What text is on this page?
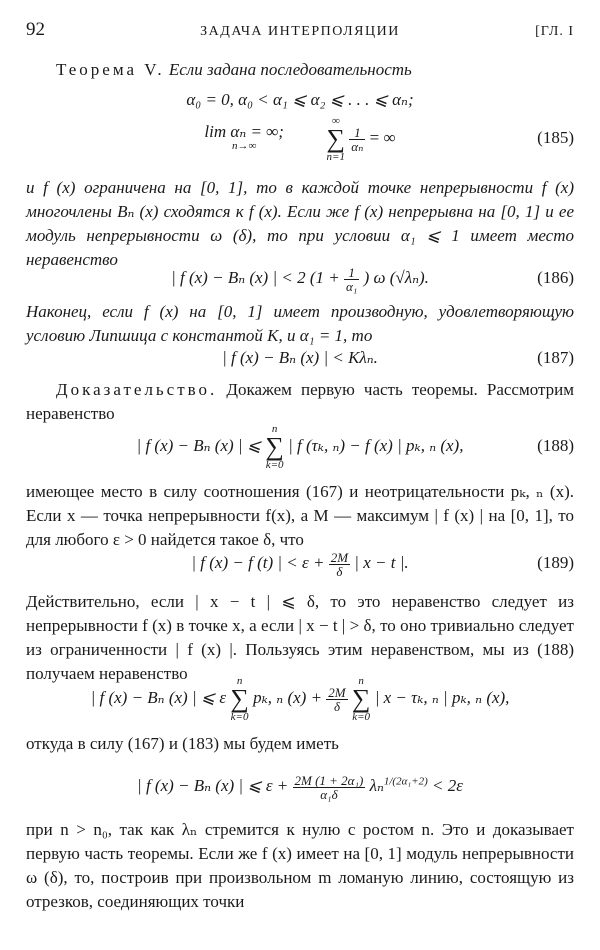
92	ЗАДАЧА ИНТЕРПОЛЯЦИИ	[ГЛ. I

Теорема V. Если задана последовательность

α₀ = 0, α₀ < α₁ ⩽ α₂ ⩽ . . . ⩽ αₙ;
lim αₙ = ∞;
n→∞

∞
∑
n=1

$\frac{1}{\text{αₙ}}$ = ∞	(185)

и f (x) ограничена на [0, 1], то в каждой точке непрерывности f (x) многочлены Bₙ (x) сходятся к f (x). Если же f (x) непрерывна на [0, 1] и ее модуль непрерывности ω (δ), то при условии α₁ ⩽ 1 имеет место неравенство

| f (x) − Bₙ (x) | < 2 ($1 + \frac{1}{\text{α₁}}$ ) ω (√λₙ).	(186)

Наконец, если f (x) на [0, 1] имеет производную, удовлетворяющую условию Липшица с константой K, и α₁ = 1, то

| f (x) − Bₙ (x) | < Kλₙ.	(187)

Доказательство. Докажем первую часть теоремы. Рассмотрим неравенство

| f (x) − Bₙ (x) | ⩽
n
∑
k=0
| f (τₖ, ₙ) − f (x) | pₖ, ₙ (x),	(188)

имеющее место в силу соотношения (167) и неотрицательности pₖ, ₙ (x). Если x — точка непрерывности f(x), а M — максимум | f (x) | на [0, 1], то для любого ε > 0 найдется такое δ, что

| f (x) − f (t) | < $\varepsilon + \frac{2M}{\delta}$ | x − t |.	(189)

Действительно, если | x − t | ⩽ δ, то это неравенство следует из непрерывности f (x) в точке x, а если | x − t | > δ, то оно тривиально следует из ограниченности | f (x) |. Пользуясь этим неравенством, мы из (188) получаем неравенство

| f (x) − Bₙ (x) | ⩽ ε
n
∑
k=0
pₖ, ₙ $(x) + \frac{2M}{\delta}$

n
∑
k=0
| x − τₖ, ₙ | pₖ, ₙ (x),

откуда в силу (167) и (183) мы будем иметь

| f (x) − Bₙ (x) | ⩽ $\varepsilon + \frac{\text{2M (1 + 2α₁)}}{\text{α₁δ}} \lambda_n^{1/(2\alpha_1+2)} < 2\varepsilon$

при n > n₀, так как λₙ стремится к нулю с ростом n. Это и доказывает первую часть теоремы. Если же f (x) имеет на [0, 1] модуль непрерывности ω (δ), то, построив при произвольном m ломаную линию, состоящую из отрезков, соединяющих точки
